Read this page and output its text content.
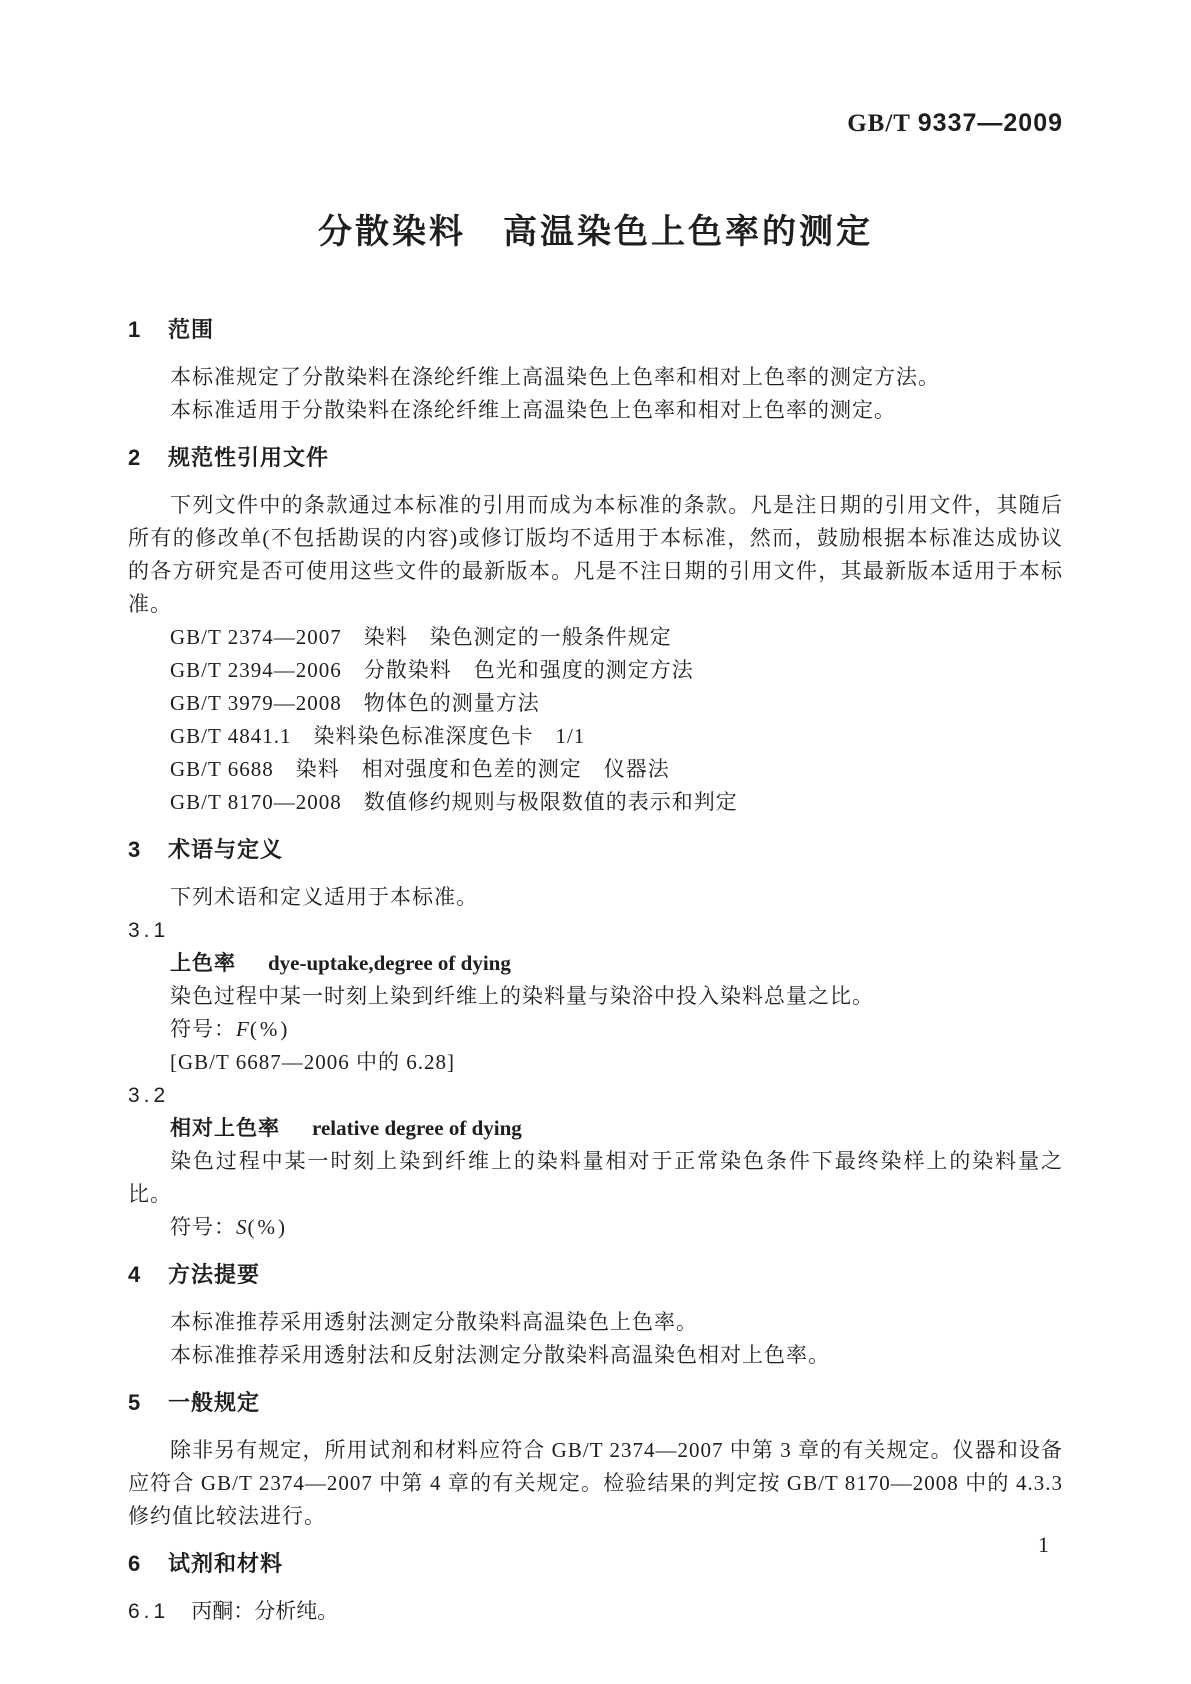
GB/T 9337—2009
分散染料　高温染色上色率的测定
1 范围

本标准规定了分散染料在涤纶纤维上高温染色上色率和相对上色率的测定方法。

本标准适用于分散染料在涤纶纤维上高温染色上色率和相对上色率的测定。

2 规范性引用文件

下列文件中的条款通过本标准的引用而成为本标准的条款。凡是注日期的引用文件，其随后所有的修改单(不包括勘误的内容)或修订版均不适用于本标准，然而，鼓励根据本标准达成协议的各方研究是否可使用这些文件的最新版本。凡是不注日期的引用文件，其最新版本适用于本标准。

GB/T 2374—2007　染料　染色测定的一般条件规定
GB/T 2394—2006　分散染料　色光和强度的测定方法
GB/T 3979—2008　物体色的测量方法
GB/T 4841.1　染料染色标准深度色卡　1/1
GB/T 6688　染料　相对强度和色差的测定　仪器法
GB/T 8170—2008　数值修约规则与极限数值的表示和判定
3 术语与定义

下列术语和定义适用于本标准。

3.1
上色率 dye-uptake,degree of dying

染色过程中某一时刻上染到纤维上的染料量与染浴中投入染料总量之比。

符号：F(%)
[GB/T 6687—2006 中的 6.28]
3.2
相对上色率 relative degree of dying

染色过程中某一时刻上染到纤维上的染料量相对于正常染色条件下最终染样上的染料量之比。

符号：S(%)
4 方法提要

本标准推荐采用透射法测定分散染料高温染色上色率。

本标准推荐采用透射法和反射法测定分散染料高温染色相对上色率。

5 一般规定

除非另有规定，所用试剂和材料应符合 GB/T 2374—2007 中第 3 章的有关规定。仪器和设备应符合 GB/T 2374—2007 中第 4 章的有关规定。检验结果的判定按 GB/T 8170—2008 中的 4.3.3 修约值比较法进行。

6 试剂和材料
6.1 丙酮：分析纯。
1
